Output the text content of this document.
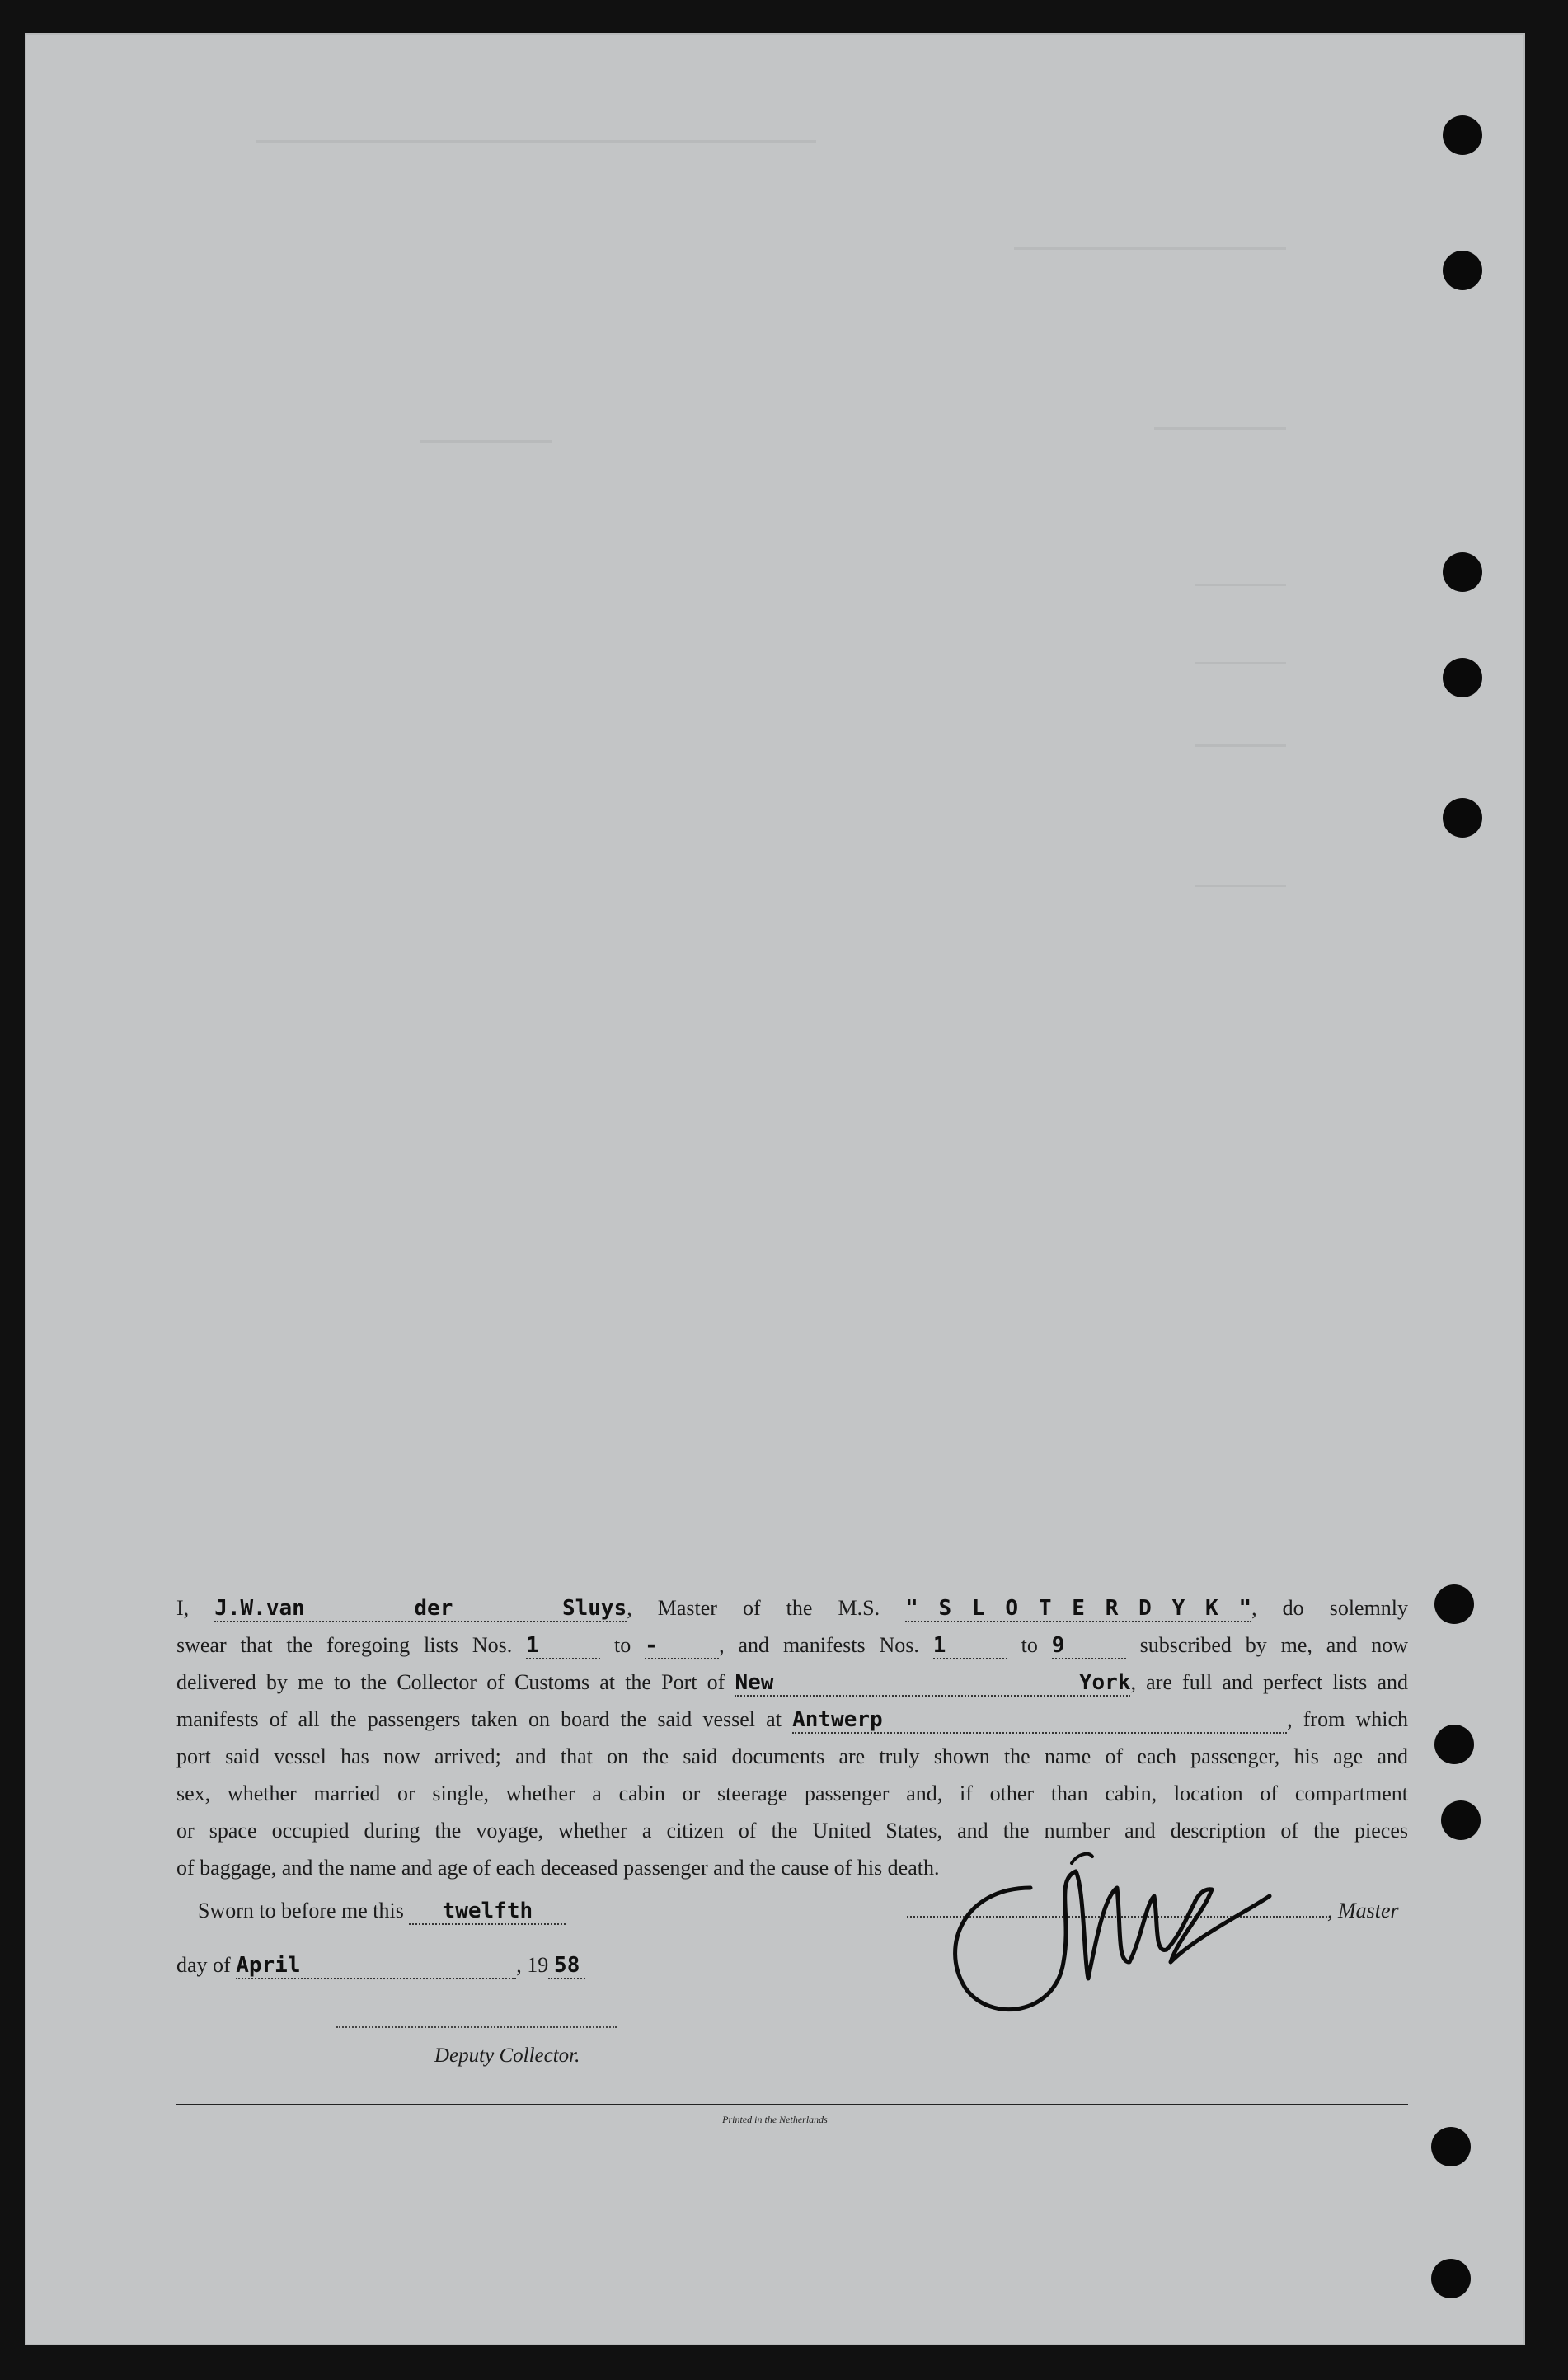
I, J.W.van der Sluys, Master of the M.S. " S L O T E R D Y K ", do solemnly
swear that the foregoing lists Nos. 1	to -	, and manifests Nos. 1	to 9	subscribed by me, and now
delivered by me to the Collector of Customs at the Port of New York, are full and perfect lists and
manifests of all the passengers taken on board the said vessel at Antwerp	, from which
port said vessel has now arrived; and that on the said documents are truly shown the name of each passenger, his age and
sex, whether married or single, whether a cabin or steerage passenger and, if other than cabin, location of compartment
or space occupied during the voyage, whether a citizen of the United States, and the number and description of the pieces
of baggage, and the name and age of each deceased passenger and the cause of his death.
Sworn to before me this twelfth
day of April	, 19 58
, Master
Deputy Collector.
Printed in the Netherlands
